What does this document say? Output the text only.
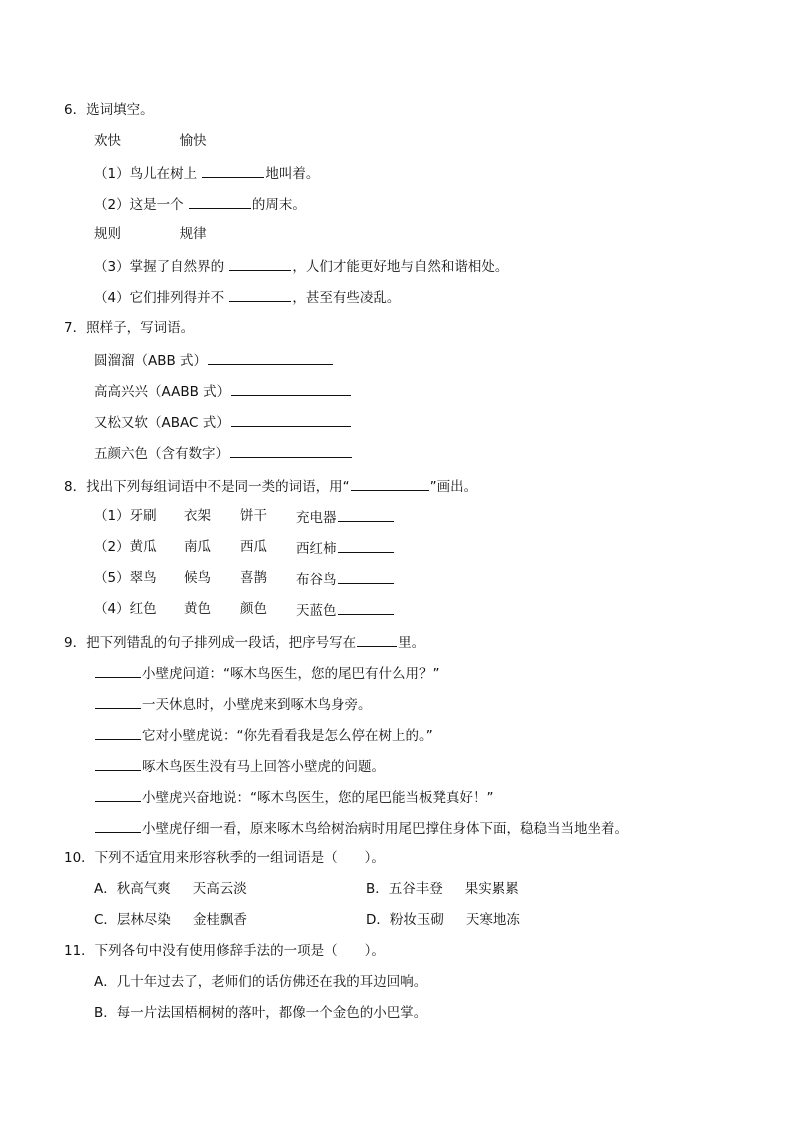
6．选词填空。
欢快	愉快
（1）鸟儿在树上	地叫着。
（2）这是一个	的周末。
规则	规律
（3）掌握了自然界的	，人们才能更好地与自然和谐相处。
（4）它们排列得并不	，甚至有些凌乱。
7．照样子，写词语。
圆溜溜（ABB 式）
高高兴兴（AABB 式）
又松又软（ABAC 式）
五颜六色（含有数字）
8．找出下列每组词语中不是同一类的词语，用“	”画出。
（1）牙刷 衣架 饼干 充电器
（2）黄瓜 南瓜 西瓜 西红柿
（5）翠鸟 候鸟 喜鹊 布谷鸟
（4）红色 黄色 颜色 天蓝色
9．把下列错乱的句子排列成一段话，把序号写在	里。
小壁虎问道：“啄木鸟医生，您的尾巴有什么用？”
一天休息时，小壁虎来到啄木鸟身旁。
它对小壁虎说：“你先看看我是怎么停在树上的。”
啄木鸟医生没有马上回答小壁虎的问题。
小壁虎兴奋地说：“啄木鸟医生，您的尾巴能当板凳真好！”
小壁虎仔细一看，原来啄木鸟给树治病时用尾巴撑住身体下面，稳稳当当地坐着。
10．下列不适宜用来形容秋季的一组词语是（　　）。
A．秋高气爽 天高云淡	B．五谷丰登 果实累累
C．层林尽染 金桂飘香	D．粉妆玉砌 天寒地冻
11．下列各句中没有使用修辞手法的一项是（　　）。
A．几十年过去了，老师们的话仿佛还在我的耳边回响。
B．每一片法国梧桐树的落叶，都像一个金色的小巴掌。
